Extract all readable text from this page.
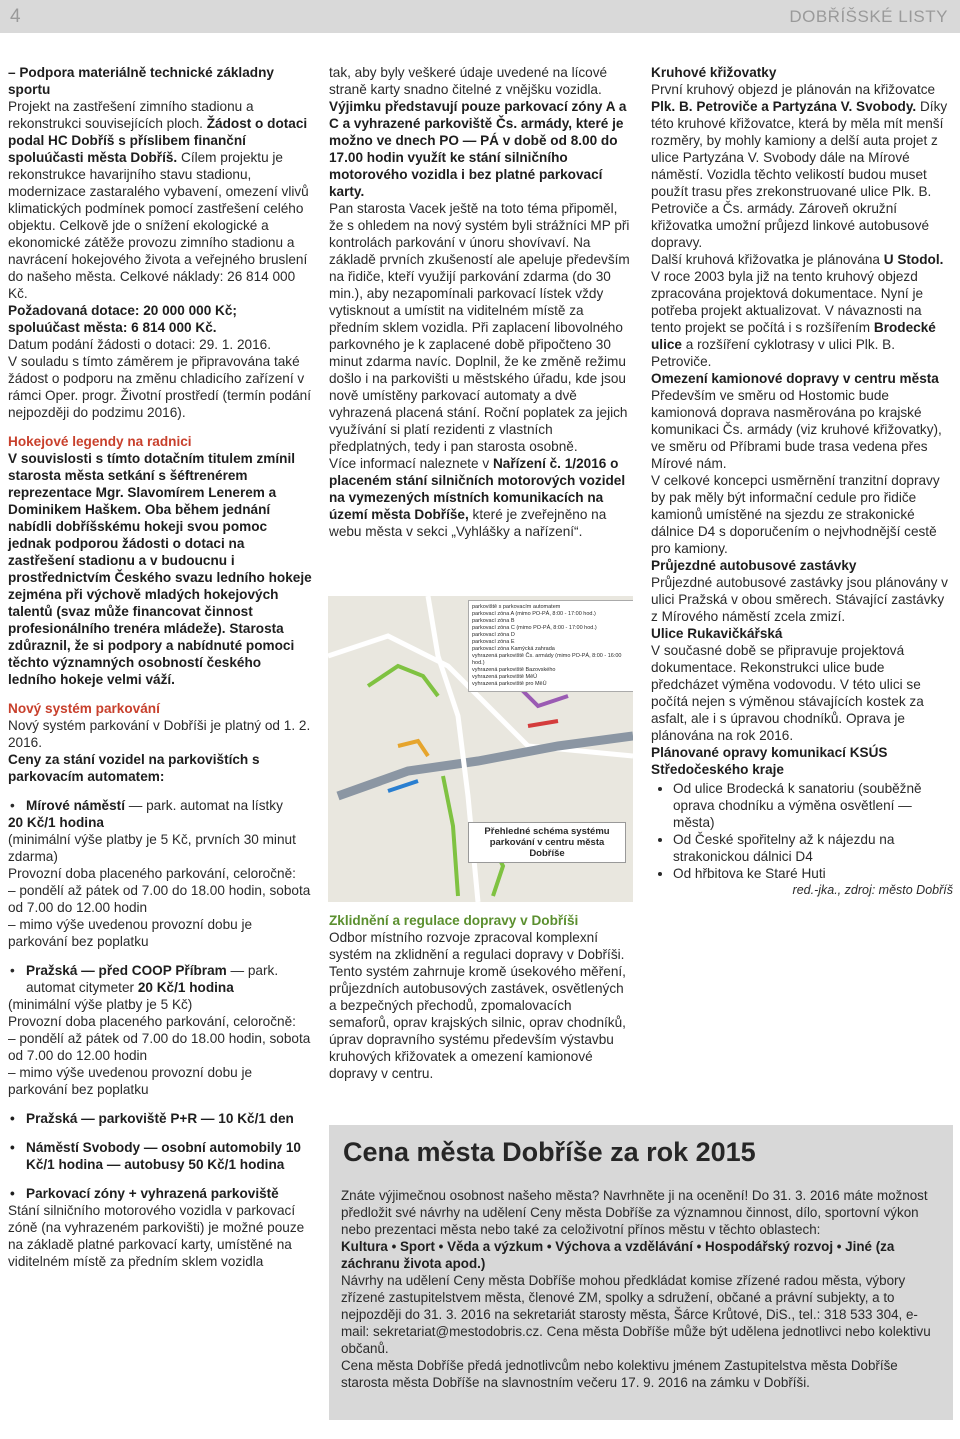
4	DOBŘÍŠSKÉ LISTY

– Podpora materiálně technické základny sportu

Projekt na zastřešení zimního stadionu a rekonstrukci souvisejících ploch. Žádost o dotaci podal HC Dobříš s příslibem finanční spoluúčasti města Dobříš. Cílem projektu je rekonstrukce havarijního stavu stadionu, modernizace zastaralého vybavení, omezení vlivů klimatických podmínek pomocí zastřešení celého objektu. Celkově jde o snížení ekologické a ekonomické zátěže provozu zimního stadionu a navrácení hokejového života a veřejného bruslení do našeho města. Celkové náklady: 26 814 000 Kč.

Požadovaná dotace: 20 000 000 Kč; spoluúčast města: 6 814 000 Kč.

Datum podání žádosti o dotaci: 29. 1. 2016.

V souladu s tímto záměrem je připravována také žádost o podporu na změnu chladicího zařízení v rámci Oper. progr. Životní prostředí (termín podání nejpozději do podzimu 2016).

Hokejové legendy na radnici

V souvislosti s tímto dotačním titulem zmínil starosta města setkání s šéftrenérem reprezentace Mgr. Slavomírem Lenerem a Dominikem Haškem. Oba během jednání nabídli dobříšskému hokeji svou pomoc jednak podporou žádosti o dotaci na zastřešení stadionu a v budoucnu i prostřednictvím Českého svazu ledního hokeje zejména při výchově mladých hokejových talentů (svaz může financovat činnost profesionálního trenéra mládeže). Starosta zdůraznil, že si podpory a nabídnuté pomoci těchto významných osobností českého ledního hokeje velmi váží.

Nový systém parkování

Nový systém parkování v Dobříši je platný od 1. 2. 2016.

Ceny za stání vozidel na parkovištích s parkovacím automatem:

• Mírové náměstí — park. automat na lístky

20 Kč/1 hodina

(minimální výše platby je 5 Kč, prvních 30 minut zdarma)

Provozní doba placeného parkování, celoročně:

– pondělí až pátek od 7.00 do 18.00 hodin, sobota od 7.00 do 12.00 hodin

– mimo výše uvedenou provozní dobu je parkování bez poplatku

• Pražská — před COOP Příbram — park. automat citymeter 20 Kč/1 hodina

(minimální výše platby je 5 Kč)

Provozní doba placeného parkování, celoročně:

– pondělí až pátek od 7.00 do 18.00 hodin, sobota od 7.00 do 12.00 hodin

– mimo výše uvedenou provozní dobu je parkování bez poplatku

• Pražská — parkoviště P+R — 10 Kč/1 den

• Náměstí Svobody — osobní automobily 10 Kč/1 hodina — autobusy 50 Kč/1 hodina

• Parkovací zóny + vyhrazená parkoviště

Stání silničního motorového vozidla v parkovací zóně (na vyhrazeném parkovišti) je možné pouze na základě platné parkovací karty, umístěné na viditelném místě za předním sklem vozidla

tak, aby byly veškeré údaje uvedené na lícové straně karty snadno čitelné z vnějšku vozidla. Výjimku představují pouze parkovací zóny A a C a vyhrazené parkoviště Čs. armády, které je možno ve dnech PO — PÁ v době od 8.00 do 17.00 hodin využít ke stání silničního motorového vozidla i bez platné parkovací karty.

Pan starosta Vacek ještě na toto téma připoměl, že s ohledem na nový systém byli strážníci MP při kontrolách parkování v únoru shovívaví. Na základě prvních zkušeností ale apeluje především na řidiče, kteří využijí parkování zdarma (do 30 min.), aby nezapomínali parkovací lístek vždy vytisknout a umístit na viditelném místě za předním sklem vozidla. Při zaplacení libovolného parkovného je k zaplacené době připočteno 30 minut zdarma navíc. Doplnil, že ke změně režimu došlo i na parkovišti u městského úřadu, kde jsou nově umístěny parkovací automaty a dvě vyhrazená placená stání. Roční poplatek za jejich využívání si platí rezidenti z vlastních předplatných, tedy i pan starosta osobně.

Více informací naleznete v Nařízení č. 1/2016 o placeném stání silničních motorových vozidel na vymezených místních komunikacích na území města Dobříše, které je zveřejněno na webu města v sekci „Vyhlášky a nařízení“.

parkoviště s parkovacím automatem
parkovací zóna A (mimo PO-PÁ, 8:00 - 17:00 hod.)
parkovací zóna B
parkovací zóna C (mimo PO-PÁ, 8:00 - 17:00 hod.)
parkovací zóna D
parkovací zóna E
parkovací zóna Kamýcká zahrada
vyhrazená parkoviště Čs. armády (mimo PO-PÁ, 8:00 - 16:00 hod.)
vyhrazená parkoviště Bazovského
vyhrazená parkoviště MěÚ
vyhrazená parkoviště pro MěÚ
Přehledné schéma systému parkování v centru města Dobříše

Zklidnění a regulace dopravy v Dobříši

Odbor místního rozvoje zpracoval komplexní systém na zklidnění a regulaci dopravy v Dobříši.

Tento systém zahrnuje kromě úsekového měření, průjezdních autobusových zastávek, osvětlených a bezpečných přechodů, zpomalovacích semaforů, oprav krajských silnic, oprav chodníků, úprav dopravního systému především výstavbu kruhových křižovatek a omezení kamionové dopravy v centru.

Kruhové křižovatky

První kruhový objezd je plánován na křižovatce Plk. B. Petroviče a Partyzána V. Svobody. Díky této kruhové křižovatce, která by měla mít menší rozměry, by mohly kamiony a delší auta projet z ulice Partyzána V. Svobody dále na Mírové náměstí. Vozidla těchto velikostí budou muset použít trasu přes zrekonstruované ulice Plk. B. Petroviče a Čs. armády. Zároveň okružní křižovatka umožní průjezd linkové autobusové dopravy.

Další kruhová křižovatka je plánována U Stodol. V roce 2003 byla již na tento kruhový objezd zpracována projektová dokumentace. Nyní je potřeba projekt aktualizovat. V návaznosti na tento projekt se počítá i s rozšířením Brodecké ulice a rozšíření cyklotrasy v ulici Plk. B. Petroviče.

Omezení kamionové dopravy v centru města

Především ve směru od Hostomic bude kamionová doprava nasměrována po krajské komunikaci Čs. armády (viz kruhové křižovatky), ve směru od Příbrami bude trasa vedena přes Mírové nám.

V celkové koncepci usměrnění tranzitní dopravy by pak měly být informační cedule pro řidiče kamionů umístěné na sjezdu ze strakonické dálnice D4 s doporučením o nejvhodnější cestě pro kamiony.

Průjezdné autobusové zastávky

Průjezdné autobusové zastávky jsou plánovány v ulici Pražská v obou směrech. Stávající zastávky z Mírového náměstí zcela zmizí.

Ulice Rukavičkářská

V současné době se připravuje projektová dokumentace. Rekonstrukci ulice bude předcházet výměna vodovodu. V této ulici se počítá nejen s výměnou stávajících kostek za asfalt, ale i s úpravou chodníků. Oprava je plánována na rok 2016.

Plánované opravy komunikací KSÚS Středočeského kraje

• Od ulice Brodecká k sanatoriu (souběžně oprava chodníku a výměna osvětlení — města)
• Od České spořitelny až k nájezdu na strakonickou dálnici D4
• Od hřbitova ke Staré Huti

red.-jka., zdroj: město Dobříš

Cena města Dobříše za rok 2015

Znáte výjimečnou osobnost našeho města? Navrhněte ji na ocenění! Do 31. 3. 2016 máte možnost předložit své návrhy na udělení Ceny města Dobříše za významnou činnost, dílo, sportovní výkon nebo prezentaci města nebo také za celoživotní přínos městu v těchto oblastech:

Kultura • Sport • Věda a výzkum • Výchova a vzdělávání • Hospodářský rozvoj • Jiné (za záchranu života apod.)

Návrhy na udělení Ceny města Dobříše mohou předkládat komise zřízené radou města, výbory zřízené zastupitelstvem města, členové ZM, spolky a sdružení, občané a právní subjekty, a to nejpozději do 31. 3. 2016 na sekretariát starosty města, Šárce Krůtové, DiS., tel.: 318 533 304, e-mail: sekretariat@mestodobris.cz. Cena města Dobříše může být udělena jednotlivci nebo kolektivu občanů.

Cena města Dobříše předá jednotlivcům nebo kolektivu jménem Zastupitelstva města Dobříše starosta města Dobříše na slavnostním večeru 17. 9. 2016 na zámku v Dobříši.
